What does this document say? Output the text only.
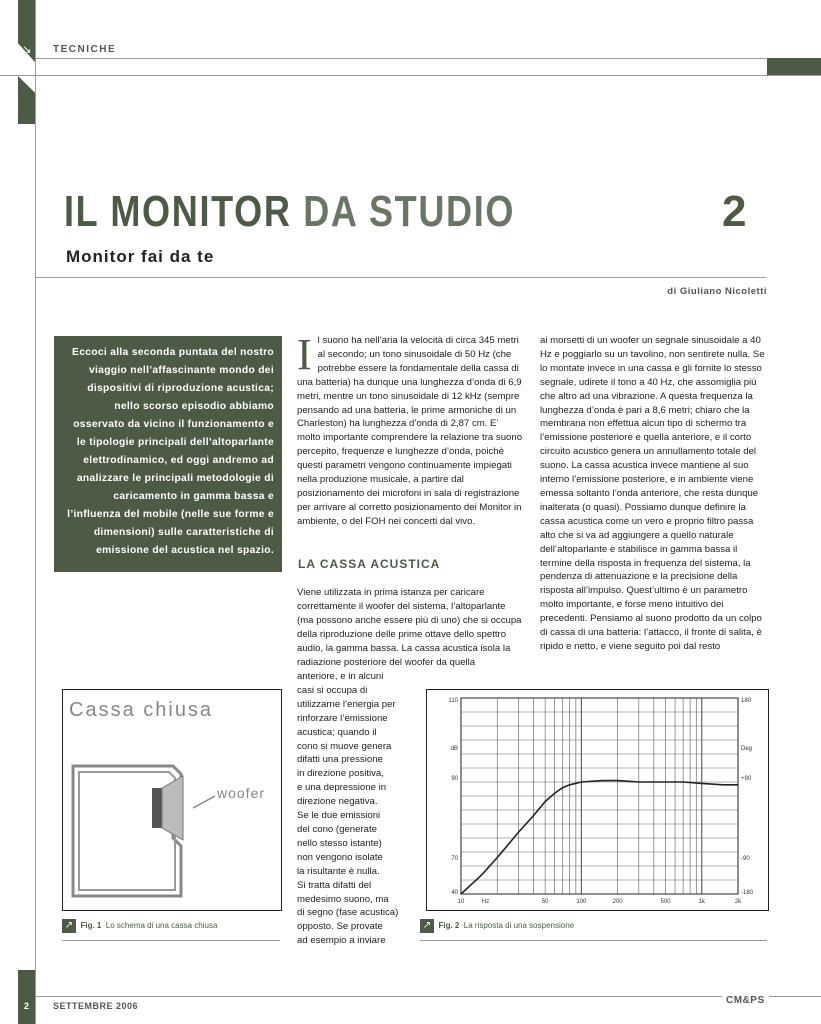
↘ TECNICHE
IL MONITOR DA STUDIO	2
Monitor fai da te
di Giuliano Nicoletti
Eccoci alla seconda puntata del nostro viaggio nell’affascinante mondo dei dispositivi di riproduzione acustica; nello scorso episodio abbiamo osservato da vicino il funzionamento e le tipologie principali dell’altoparlante elettrodinamico, ed oggi andremo ad analizzare le principali metodologie di caricamento in gamma bassa e l’influenza del mobile (nelle sue forme e dimensioni) sulle caratteristiche di emissione del acustica nel spazio.
I l suono ha nell’aria la velocità di circa 345 metri al secondo; un tono sinusoidale di 50 Hz (che potrebbe essere la fondamentale della cassa di una batteria) ha dunque una lunghezza d’onda di 6,9 metri, mentre un tono sinusoidale di 12 kHz (sempre pensando ad una batteria, le prime armoniche di un Charleston) ha lunghezza d’onda di 2,87 cm. E’ molto importante comprendere la relazione tra suono percepito, frequenze e lunghezze d’onda, poichè questi parametri vengono continuamente impiegati nella produzione musicale, a partire dal posizionamento dei microfoni in sala di registrazione per arrivare al corretto posizionamento dei Monitor in ambiente, o del FOH nei concerti dal vivo.

LA CASSA ACUSTICA

Viene utilizzata in prima istanza per caricare correttamente il woofer del sistema, l’altoparlante (ma possono anche essere più di uno) che si occupa della riproduzione delle prime ottave dello spettro audio, la gamma bassa. La cassa acustica isola la radiazione posteriore del woofer da quella

anteriore, e in alcuni
casi si occupa di
utilizzarne l’energia per
rinforzare l’emissione
acustica; quando il
cono si muove genera
difatti una pressione
in direzione positiva,
e una depressione in
direzione negativa.
Se le due emissioni
del cono (generate
nello stesso istante)
non vengono isolate
la risultante è nulla.
Si tratta difatti del
medesimo suono, ma
di segno (fase acustica)
opposto. Se provate
ad esempio a inviare

ai morsetti di un woofer un segnale sinusoidale a 40 Hz e poggiarlo su un tavolino, non sentirete nulla. Se lo montate invece in una cassa e gli fornite lo stesso segnale, udirete il tono a 40 Hz, che assomiglia più che altro ad una vibrazione. A questa frequenza la lunghezza d’onda è pari a 8,6 metri; chiaro che la membrana non effettua alcun tipo di schermo tra l’emissione posteriore e quella anteriore, e il corto circuito acustico genera un annullamento totale del suono. La cassa acustica invece mantiene al suo interno l’emissione posteriore, e in ambiente viene emessa soltanto l’onda anteriore, che resta dunque inalterata (o quasi). Possiamo dunque definire la cassa acustica come un vero e proprio filtro passa alto che si va ad aggiungere a quello naturale dell’altoparlante e stabilisce in gamma bassa il termine della risposta in frequenza del sistema, la pendenza di attenuazione e la precisione della risposta all’impulso. Quest’ultimo è un parametro molto importante, e forse meno intuitivo dei precedenti. Pensiamo al suono prodotto da un colpo di cassa di una batteria: l’attacco, il fronte di salita, è ripido e netto, e viene seguito poi dal resto

Cassa chiusa
woofer
↗ Fig. 1 Lo schema di una cassa chiusa
110
dB
90
70
40
180
Deg
+90
-90
-180
10	Hz	50	100	200	500	1k	2k
↗ Fig. 2 La risposta di una sospensione
2	SETTEMBRE 2006	CM&PS
